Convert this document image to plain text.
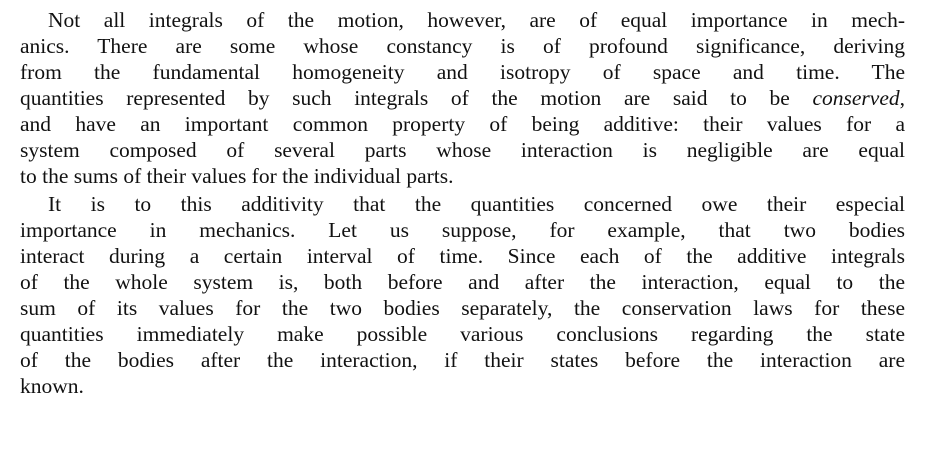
Not all integrals of the motion, however, are of equal importance in mech-
anics. There are some whose constancy is of profound significance, deriving
from the fundamental homogeneity and isotropy of space and time. The
quantities represented by such integrals of the motion are said to be conserved,
and have an important common property of being additive: their values for a
system composed of several parts whose interaction is negligible are equal
to the sums of their values for the individual parts.
It is to this additivity that the quantities concerned owe their especial
importance in mechanics. Let us suppose, for example, that two bodies
interact during a certain interval of time. Since each of the additive integrals
of the whole system is, both before and after the interaction, equal to the
sum of its values for the two bodies separately, the conservation laws for these
quantities immediately make possible various conclusions regarding the state
of the bodies after the interaction, if their states before the interaction are
known.
